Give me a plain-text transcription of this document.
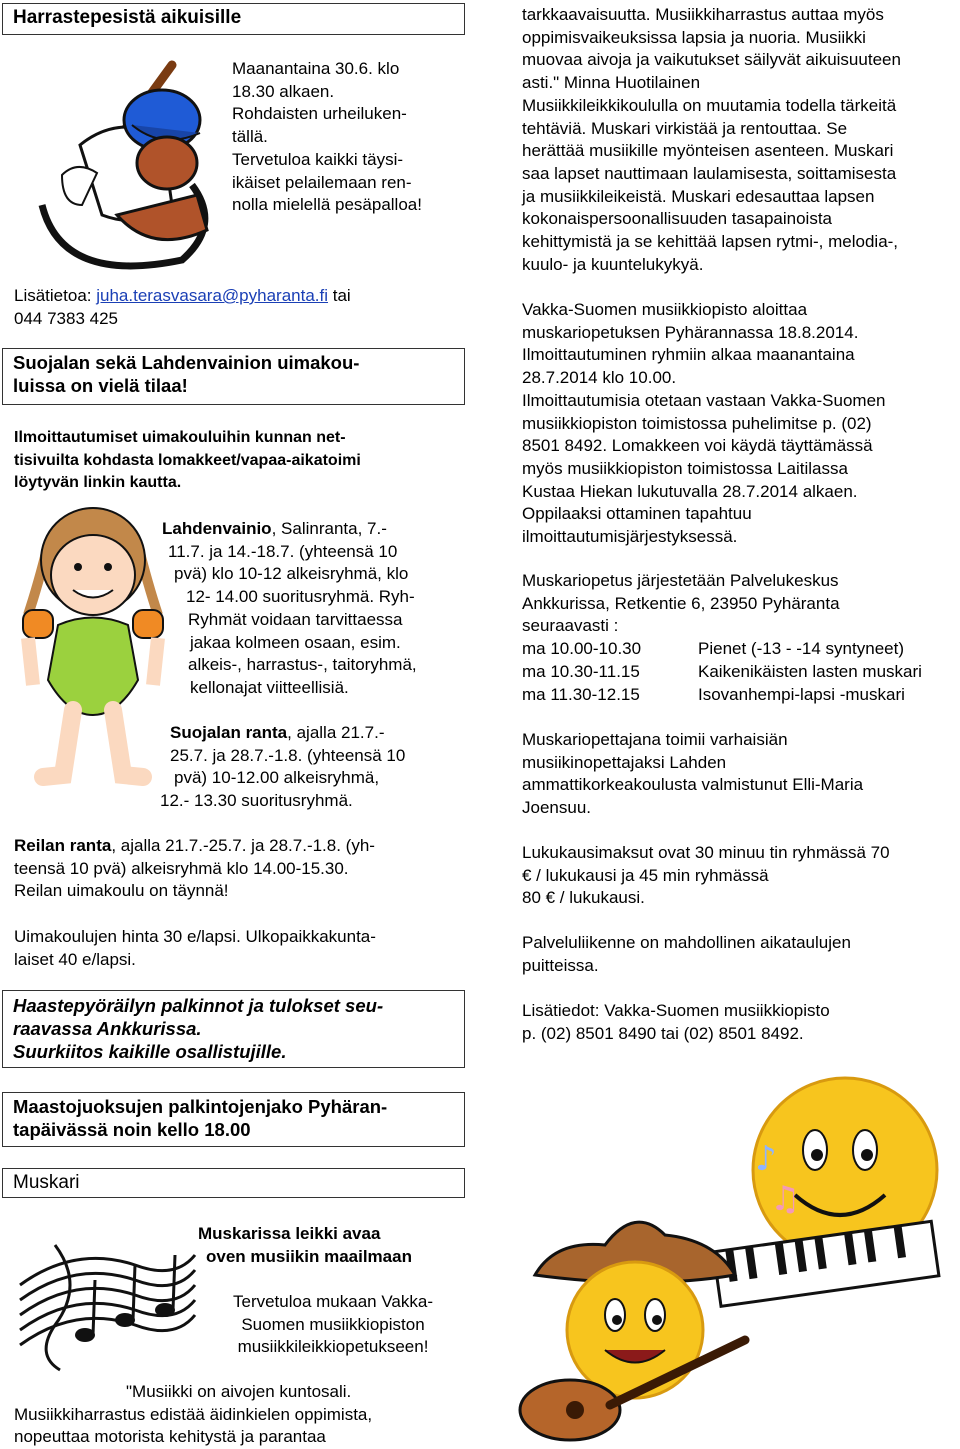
Harrastepesistä aikuisille

Maanantaina 30.6. klo

18.30 alkaen.

Rohdaisten urheiluken-

tällä.

Tervetuloa kaikki täysi-

ikäiset pelailemaan ren-

nolla mielellä pesäpalloa!

Lisätietoa: juha.terasvasara@pyharanta.fi tai

044 7383 425

Suojalan sekä Lahdenvainion uimakou-

luissa on vielä tilaa!

Ilmoittautumiset uimakouluihin kunnan net-

tisivuilta kohdasta lomakkeet/vapaa-aikatoimi

löytyvän linkin kautta.

Lahdenvainio, Salinranta, 7.-

11.7. ja 14.-18.7. (yhteensä 10

pvä) klo 10-12 alkeisryhmä, klo

12- 14.00 suoritusryhmä. Ryh-

Ryhmät voidaan tarvittaessa

jakaa kolmeen osaan, esim.

alkeis-, harrastus-, taitoryhmä,

kellonajat viitteellisiä.

Suojalan ranta, ajalla 21.7.-

25.7. ja 28.7.-1.8. (yhteensä 10

pvä) 10-12.00 alkeisryhmä,

12.- 13.30 suoritusryhmä.

Reilan ranta, ajalla 21.7.-25.7. ja 28.7.-1.8. (yh-

teensä 10 pvä) alkeisryhmä klo 14.00-15.30.

Reilan uimakoulu on täynnä!

Uimakoulujen hinta 30 e/lapsi. Ulkopaikkakunta-

laiset 40 e/lapsi.

Haastepyöräilyn palkinnot ja tulokset seu-

raavassa Ankkurissa.

Suurkiitos kaikille osallistujille.

Maastojuoksujen palkintojenjako Pyhäran-

tapäivässä noin kello 18.00

Muskari

Muskarissa leikki avaa

oven musiikin maailmaan

Tervetuloa mukaan Vakka-

Suomen musiikkiopiston

musiikkileikkiopetukseen!

"Musiikki on aivojen kuntosali.

Musiikkiharrastus edistää äidinkielen oppimista,

nopeuttaa motorista kehitystä ja parantaa

tarkkaavaisuutta. Musiikkiharrastus auttaa myös

oppimisvaikeuksissa lapsia ja nuoria. Musiikki

muovaa aivoja ja vaikutukset säilyvät aikuisuuteen

asti." Minna Huotilainen

Musiikkileikkikoululla on muutamia todella tärkeitä

tehtäviä. Muskari virkistää ja rentouttaa. Se

herättää musiikille myönteisen asenteen. Muskari

saa lapset nauttimaan laulamisesta, soittamisesta

ja musiikkileikeistä. Muskari edesauttaa lapsen

kokonaispersoonallisuuden tasapainoista

kehittymistä ja se kehittää lapsen rytmi-, melodia-,

kuulo- ja kuuntelukykyä.

Vakka-Suomen musiikkiopisto aloittaa

muskariopetuksen Pyhärannassa 18.8.2014.

Ilmoittautuminen ryhmiin alkaa maanantaina

28.7.2014 klo 10.00.

Ilmoittautumisia otetaan vastaan Vakka-Suomen

musiikkiopiston toimistossa puhelimitse p. (02)

8501 8492. Lomakkeen voi käydä täyttämässä

myös musiikkiopiston toimistossa Laitilassa

Kustaa Hiekan lukutuvalla 28.7.2014 alkaen.

Oppilaaksi ottaminen tapahtuu

ilmoittautumisjärjestyksessä.

Muskariopetus järjestetään Palvelukeskus

Ankkurissa, Retkentie 6, 23950 Pyhäranta

seuraavasti :

ma 10.00-10.30	Pienet (-13 - -14 syntyneet)
ma 10.30-11.15	Kaikenikäisten lasten muskari
ma 11.30-12.15	Isovanhempi-lapsi -muskari

Muskariopettajana toimii varhaisiän

musiikinopettajaksi Lahden

ammattikorkeakoulusta valmistunut Elli-Maria

Joensuu.

Lukukausimaksut ovat 30 minuu tin ryhmässä 70

€ / lukukausi ja 45 min ryhmässä

80 € / lukukausi.

Palveluliikenne on mahdollinen aikataulujen

puitteissa.

Lisätiedot: Vakka-Suomen musiikkiopisto

p. (02) 8501 8490 tai (02) 8501 8492.

♪
♫
